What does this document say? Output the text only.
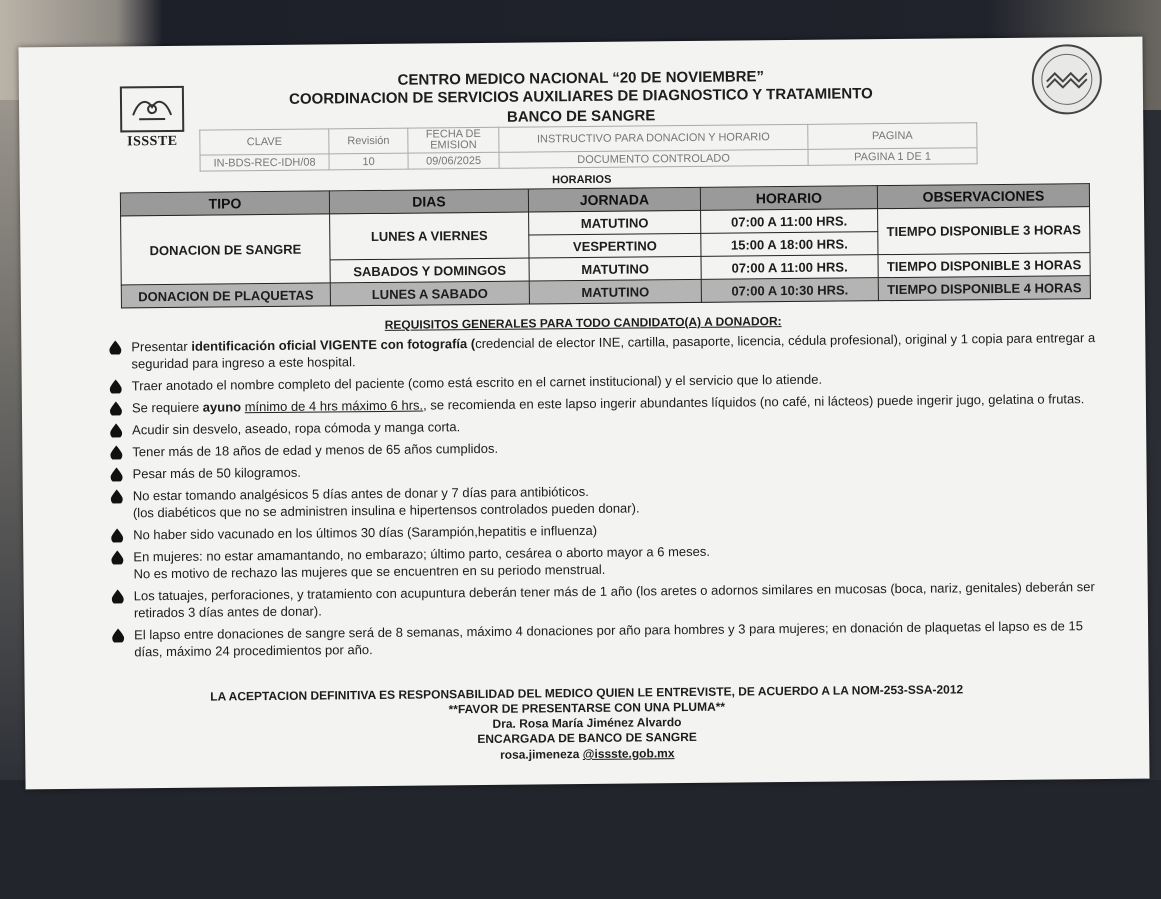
ISSSTE
CENTRO MEDICO NACIONAL “20 DE NOVIEMBRE”
COORDINACION DE SERVICIOS AUXILIARES DE DIAGNOSTICO Y TRATAMIENTO
BANCO DE SANGRE
CLAVE	Revisión	FECHA DE EMISION	INSTRUCTIVO PARA DONACION Y HORARIO	PAGINA
IN-BDS-REC-IDH/08	10	09/06/2025	DOCUMENTO CONTROLADO	PAGINA 1 DE 1
HORARIOS
TIPO	DIAS	JORNADA	HORARIO	OBSERVACIONES
DONACION DE SANGRE	LUNES A VIERNES	MATUTINO	07:00 A 11:00 HRS.	TIEMPO DISPONIBLE 3 HORAS
		VESPERTINO	15:00 A 18:00 HRS.	
	SABADOS Y DOMINGOS	MATUTINO	07:00 A 11:00 HRS.	TIEMPO DISPONIBLE 3 HORAS
DONACION DE PLAQUETAS	LUNES A SABADO	MATUTINO	07:00 A 10:30 HRS.	TIEMPO DISPONIBLE 4 HORAS
REQUISITOS GENERALES PARA TODO CANDIDATO(A) A DONADOR:
Presentar identificación oficial VIGENTE con fotografía (credencial de elector INE, cartilla, pasaporte, licencia, cédula profesional), original y 1 copia para entregar a seguridad para ingreso a este hospital.
Traer anotado el nombre completo del paciente (como está escrito en el carnet institucional) y el servicio que lo atiende.
Se requiere ayuno mínimo de 4 hrs máximo 6 hrs., se recomienda en este lapso ingerir abundantes líquidos (no café, ni lácteos) puede ingerir jugo, gelatina o frutas.
Acudir sin desvelo, aseado, ropa cómoda y manga corta.
Tener más de 18 años de edad y menos de 65 años cumplidos.
Pesar más de 50 kilogramos.
No estar tomando analgésicos 5 días antes de donar y 7 días para antibióticos.
(los diabéticos que no se administren insulina e hipertensos controlados pueden donar).
No haber sido vacunado en los últimos 30 días (Sarampión,hepatitis e influenza)
En mujeres: no estar amamantando, no embarazo; último parto, cesárea o aborto mayor a 6 meses.
No es motivo de rechazo las mujeres que se encuentren en su periodo menstrual.
Los tatuajes, perforaciones, y tratamiento con acupuntura deberán tener más de 1 año (los aretes o adornos similares en mucosas (boca, nariz, genitales) deberán ser retirados 3 días antes de donar).
El lapso entre donaciones de sangre será de 8 semanas, máximo 4 donaciones por año para hombres y 3 para mujeres; en donación de plaquetas el lapso es de 15 días, máximo 24 procedimientos por año.
LA ACEPTACION DEFINITIVA ES RESPONSABILIDAD DEL MEDICO QUIEN LE ENTREVISTE, DE ACUERDO A LA NOM-253-SSA-2012
**FAVOR DE PRESENTARSE CON UNA PLUMA**
Dra. Rosa María Jiménez Alvardo
ENCARGADA DE BANCO DE SANGRE
rosa.jimeneza @issste.gob.mx
